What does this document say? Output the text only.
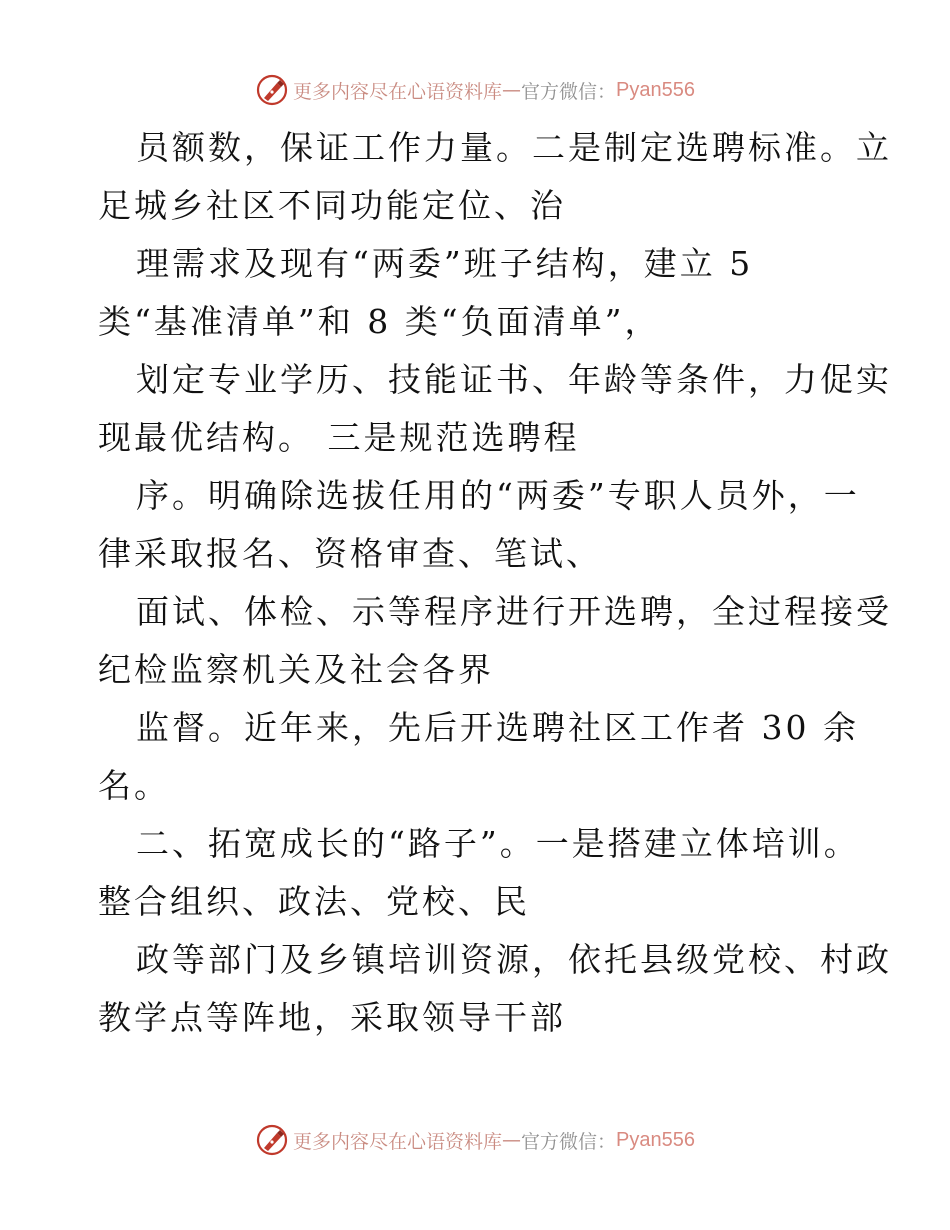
更多内容尽在心语资料库 — 官方微信： Pyan556
员额数，保证工作力量。二是制定选聘标准。立
足城乡社区不同功能定位、治
理需求及现有“两委”班子结构，建立 5
类“基准清单”和 8 类“负面清单”，
划定专业学历、技能证书、年龄等条件，力促实
现最优结构。 三是规范选聘程
序。明确除选拔任用的“两委”专职人员外，一
律采取报名、资格审查、笔试、
面试、体检、示等程序进行开选聘，全过程接受
纪检监察机关及社会各界
监督。近年来，先后开选聘社区工作者 30 余
名。
二、拓宽成长的“路子”。一是搭建立体培训。
整合组织、政法、党校、民
政等部门及乡镇培训资源，依托县级党校、村政
教学点等阵地，采取领导干部
更多内容尽在心语资料库 — 官方微信： Pyan556
